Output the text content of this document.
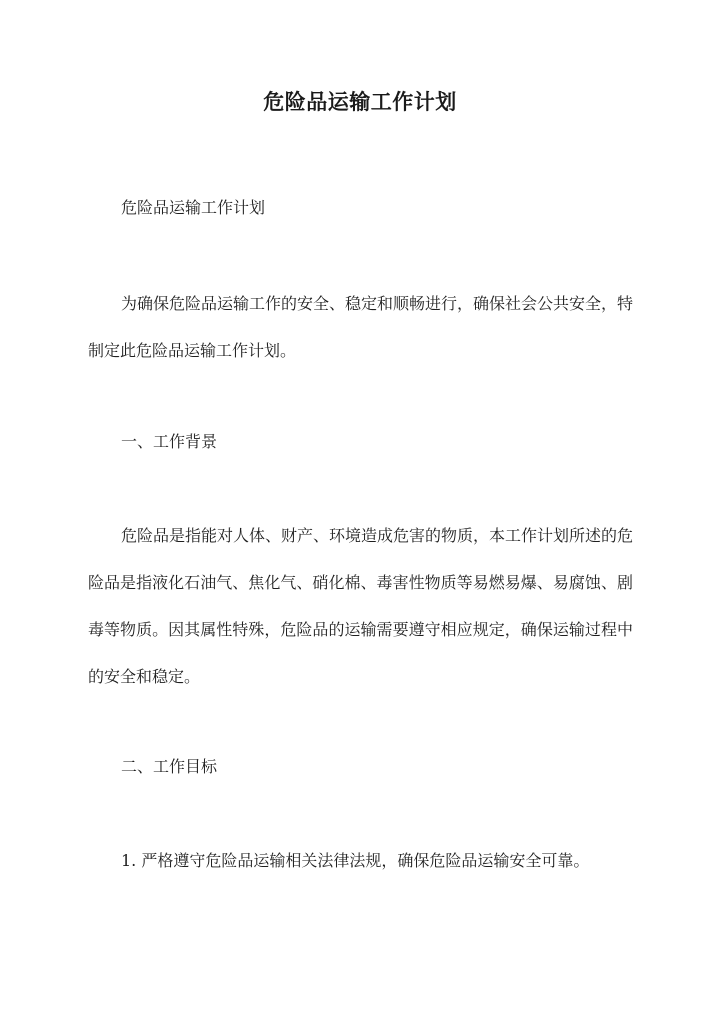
危险品运输工作计划

危险品运输工作计划

为确保危险品运输工作的安全、稳定和顺畅进行，确保社会公共安全，特制定此危险品运输工作计划。

一、工作背景

危险品是指能对人体、财产、环境造成危害的物质，本工作计划所述的危险品是指液化石油气、焦化气、硝化棉、毒害性物质等易燃易爆、易腐蚀、剧毒等物质。因其属性特殊，危险品的运输需要遵守相应规定，确保运输过程中的安全和稳定。

二、工作目标

1. 严格遵守危险品运输相关法律法规，确保危险品运输安全可靠。
